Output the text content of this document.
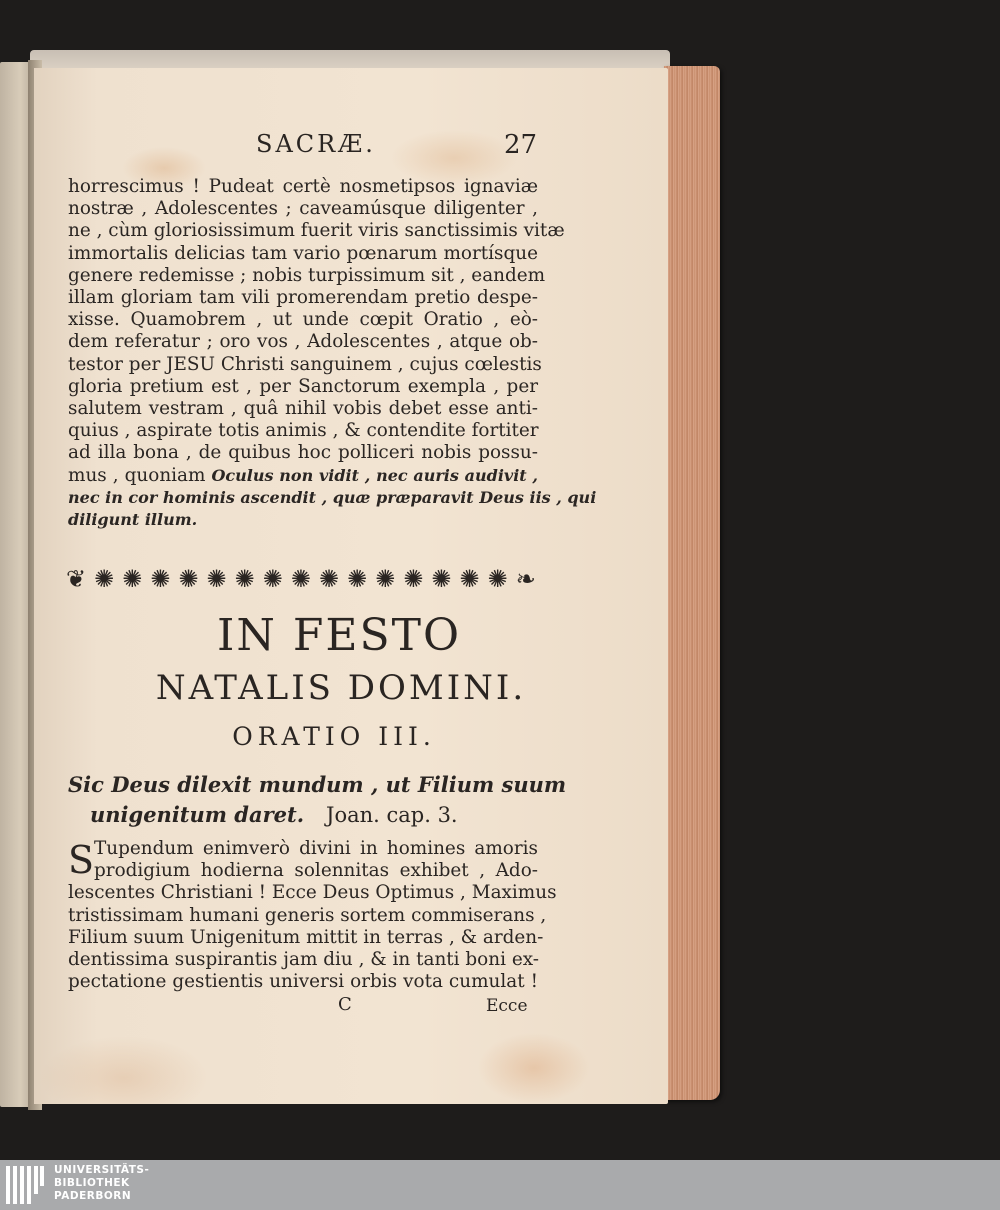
SACRÆ.	27
horrescimus ! Pudeat certè nosmetipsos ignaviæ
nostræ , Adolescentes ; caveamúsque diligenter ,
ne , cùm gloriosissimum fuerit viris sanctissimis vitæ
immortalis delicias tam vario pœnarum mortísque
genere redemisse ; nobis turpissimum sit , eandem
illam gloriam tam vili promerendam pretio despe-
xisse. Quamobrem , ut unde cœpit Oratio , eò-
dem referatur ; oro vos , Adolescentes , atque ob-
testor per JESU Christi sanguinem , cujus cœlestis
gloria pretium est , per Sanctorum exempla , per
salutem vestram , quâ nihil vobis debet esse anti-
quius , aspirate totis animis , & contendite fortiter
ad illa bona , de quibus hoc polliceri nobis possu-
mus , quoniam Oculus non vidit , nec auris audivit ,
nec in cor hominis ascendit , quæ præparavit Deus iis , qui
diligunt illum.
❦ ✺ ✺ ✺ ✺ ✺ ✺ ✺ ✺ ✺ ✺ ✺ ✺ ✺ ✺ ✺ ❧
IN FESTO
NATALIS DOMINI.
ORATIO III.
Sic Deus dilexit mundum , ut Filium suum
unigenitum daret. Joan. cap. 3.
S Tupendum enimverò divini in homines amoris
prodigium hodierna solennitas exhibet , Ado-
lescentes Christiani ! Ecce Deus Optimus , Maximus
tristissimam humani generis sortem commiserans ,
Filium suum Unigenitum mittit in terras , & arden-
dentissima suspirantis jam diu , & in tanti boni ex-
pectatione gestientis universi orbis vota cumulat !
C	Ecce
UNIVERSITÄTS-
BIBLIOTHEK
PADERBORN
